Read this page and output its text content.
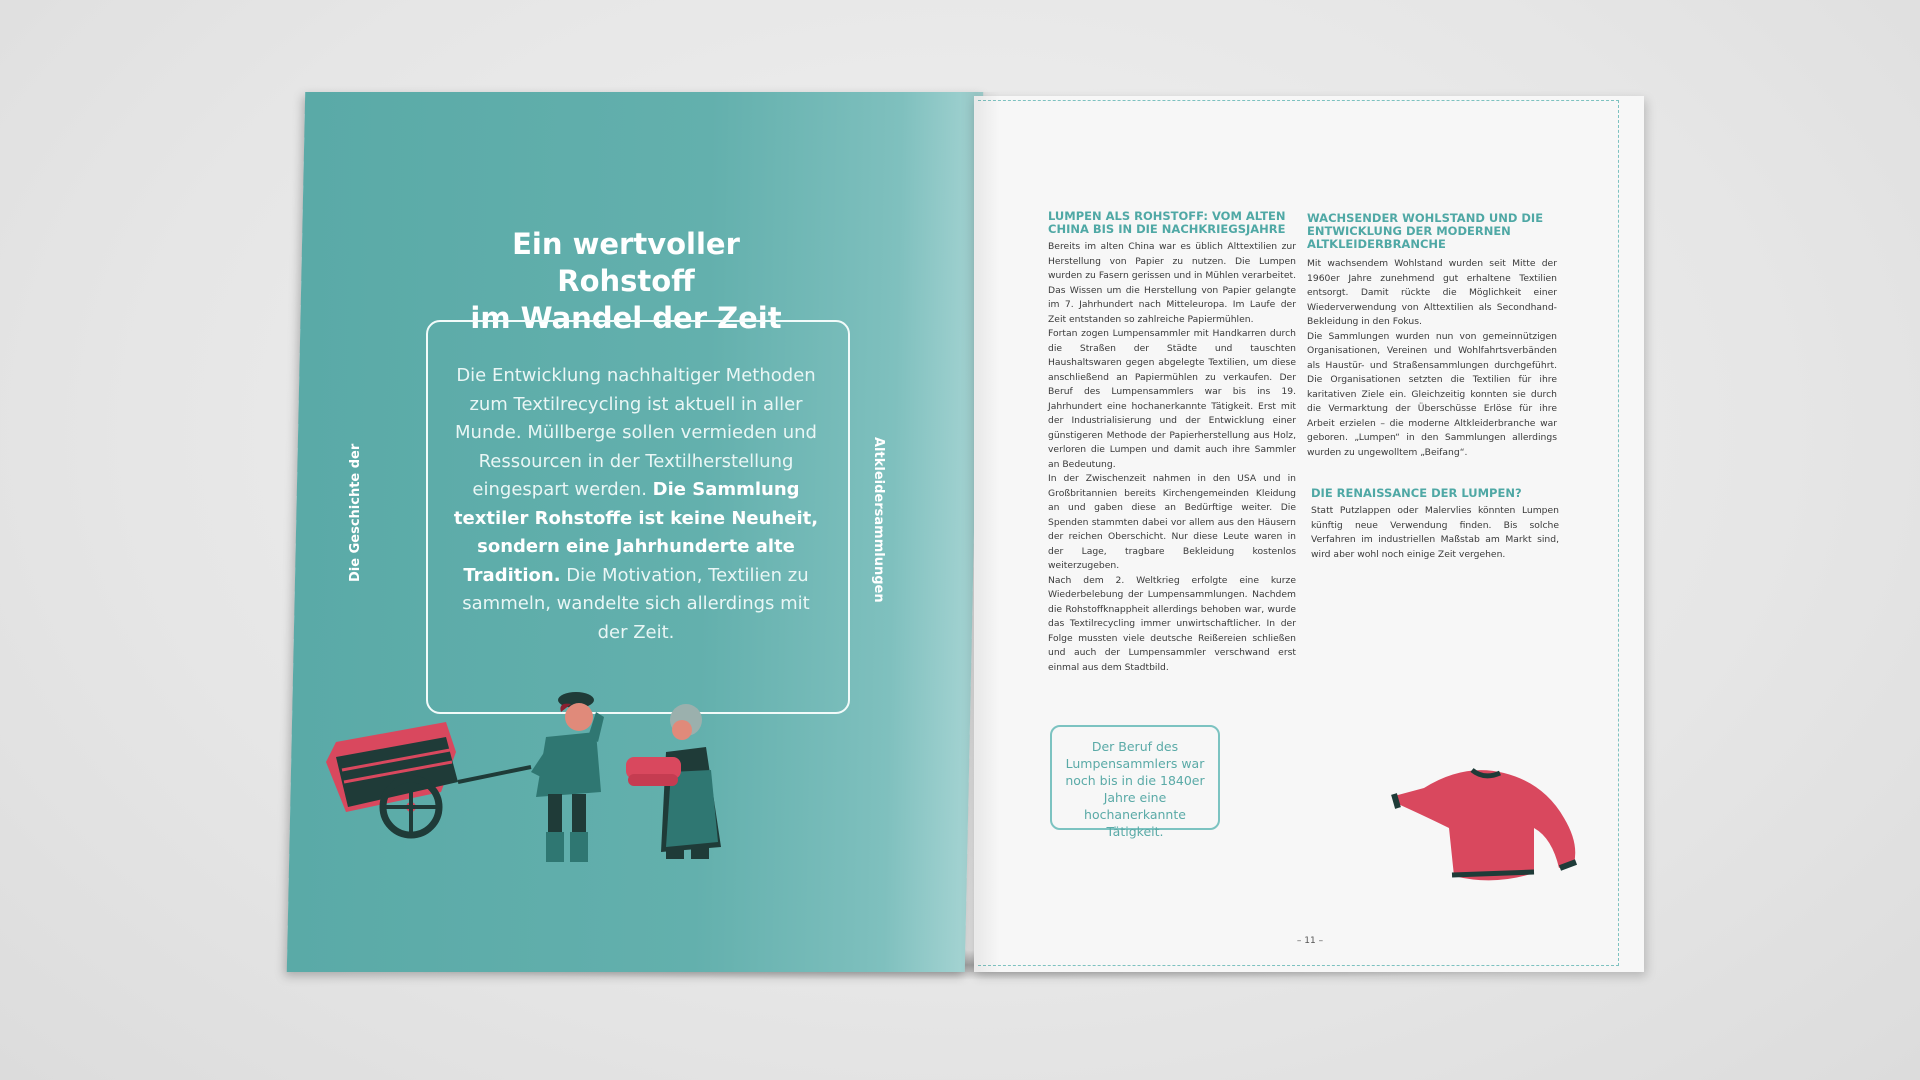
Ein wertvoller Rohstoff
im Wandel der Zeit
Die Entwicklung nachhaltiger Methoden zum Textilrecycling ist aktuell in aller Munde. Müllberge sollen vermieden und Ressourcen in der Textilherstellung eingespart werden. Die Sammlung textiler Rohstoffe ist keine Neuheit, sondern eine Jahrhunderte alte Tradition. Die Motivation, Textilien zu sammeln, wandelte sich allerdings mit der Zeit.
Die Geschichte der	Altkleidersammlungen

LUMPEN ALS ROHSTOFF: VOM ALTEN CHINA BIS IN DIE NACHKRIEGSJAHRE

Bereits im alten China war es üblich Alttextilien zur Herstellung von Papier zu nutzen. Die Lumpen wurden zu Fasern gerissen und in Mühlen verarbeitet. Das Wissen um die Herstellung von Papier gelangte im 7. Jahrhundert nach Mitteleuropa. Im Laufe der Zeit entstanden so zahlreiche Papiermühlen.

Fortan zogen Lumpensammler mit Handkarren durch die Straßen der Städte und tauschten Haushaltswaren gegen abgelegte Textilien, um diese anschließend an Papiermühlen zu verkaufen. Der Beruf des Lumpensammlers war bis ins 19. Jahrhundert eine hochanerkannte Tätigkeit. Erst mit der Industrialisierung und der Entwicklung einer günstigeren Methode der Papierherstellung aus Holz, verloren die Lumpen und damit auch ihre Sammler an Bedeutung.

In der Zwischenzeit nahmen in den USA und in Großbritannien bereits Kirchengemeinden Kleidung an und gaben diese an Bedürftige weiter. Die Spenden stammten dabei vor allem aus den Häusern der reichen Oberschicht. Nur diese Leute waren in der Lage, tragbare Bekleidung kostenlos weiterzugeben.

Nach dem 2. Weltkrieg erfolgte eine kurze Wiederbelebung der Lumpensammlungen. Nachdem die Rohstoffknappheit allerdings behoben war, wurde das Textilrecycling immer unwirtschaftlicher. In der Folge mussten viele deutsche Reißereien schließen und auch der Lumpensammler verschwand erst einmal aus dem Stadtbild.

WACHSENDER WOHLSTAND UND DIE ENTWICKLUNG DER MODERNEN ALTKLEIDERBRANCHE

Mit wachsendem Wohlstand wurden seit Mitte der 1960er Jahre zunehmend gut erhaltene Textilien entsorgt. Damit rückte die Möglichkeit einer Wiederverwendung von Alttextilien als Secondhand-Bekleidung in den Fokus.

Die Sammlungen wurden nun von gemeinnützigen Organisationen, Vereinen und Wohlfahrtsverbänden als Haustür- und Straßensammlungen durchgeführt. Die Organisationen setzten die Textilien für ihre karitativen Ziele ein. Gleichzeitig konnten sie durch die Vermarktung der Überschüsse Erlöse für ihre Arbeit erzielen – die moderne Altkleiderbranche war geboren. „Lumpen“ in den Sammlungen allerdings wurden zu ungewolltem „Beifang“.

DIE RENAISSANCE DER LUMPEN?

Statt Putzlappen oder Malervlies könnten Lumpen künftig neue Verwendung finden. Bis solche Verfahren im industriellen Maßstab am Markt sind, wird aber wohl noch einige Zeit vergehen.

Der Beruf des Lumpensammlers war noch bis in die 1840er Jahre eine hochanerkannte Tätigkeit.
– 11 –
